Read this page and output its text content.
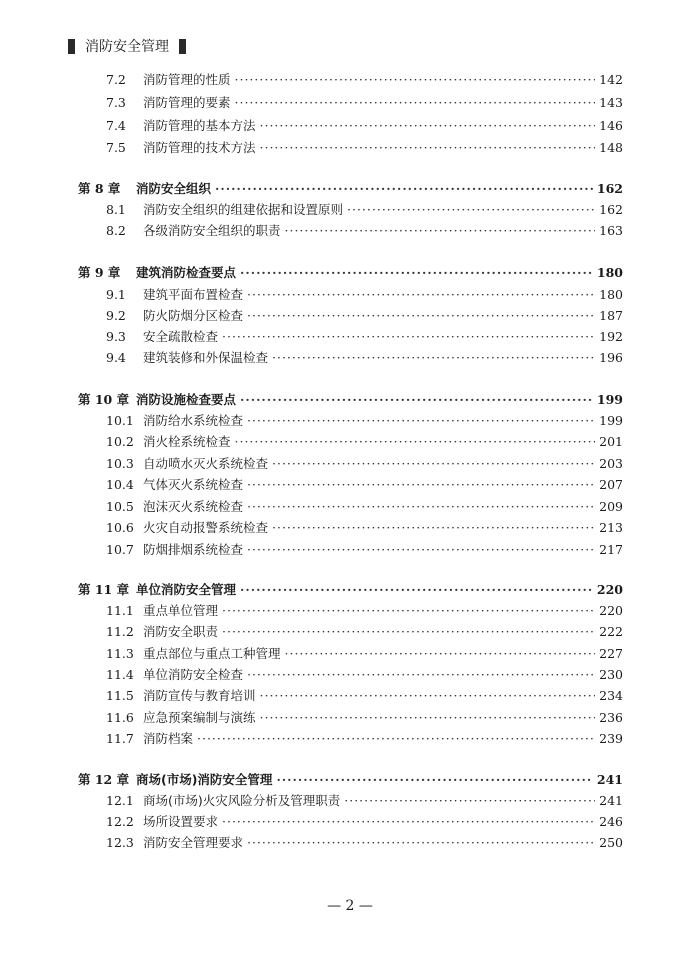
消防安全管理
7.2	消防管理的性质 ·····	142
7.3	消防管理的要素 ·····	143
7.4	消防管理的基本方法 ·····	146
7.5	消防管理的技术方法 ·····	148
第 8 章	消防安全组织 ·····	162
8.1	消防安全组织的组建依据和设置原则 ·····	162
8.2	各级消防安全组织的职责 ·····	163
第 9 章	建筑消防检查要点 ·····	180
9.1	建筑平面布置检查 ·····	180
9.2	防火防烟分区检查 ·····	187
9.3	安全疏散检查 ·····	192
9.4	建筑装修和外保温检查 ·····	196
第 10 章 消防设施检查要点 ·····	199
10.1 消防给水系统检查 ·····	199
10.2 消火栓系统检查 ·····	201
10.3 自动喷水灭火系统检查 ·····	203
10.4 气体灭火系统检查 ·····	207
10.5 泡沫灭火系统检查 ·····	209
10.6 火灾自动报警系统检查 ·····	213
10.7 防烟排烟系统检查 ·····	217
第 11 章 单位消防安全管理 ·····	220
11.1 重点单位管理 ·····	220
11.2 消防安全职责 ·····	222
11.3 重点部位与重点工种管理 ·····	227
11.4 单位消防安全检查 ·····	230
11.5 消防宣传与教育培训 ·····	234
11.6 应急预案编制与演练 ·····	236
11.7 消防档案 ·····	239
第 12 章 商场(市场)消防安全管理 ·····	241
12.1 商场(市场)火灾风险分析及管理职责 ·····	241
12.2 场所设置要求 ·····	246
12.3 消防安全管理要求 ·····	250
— 2 —
